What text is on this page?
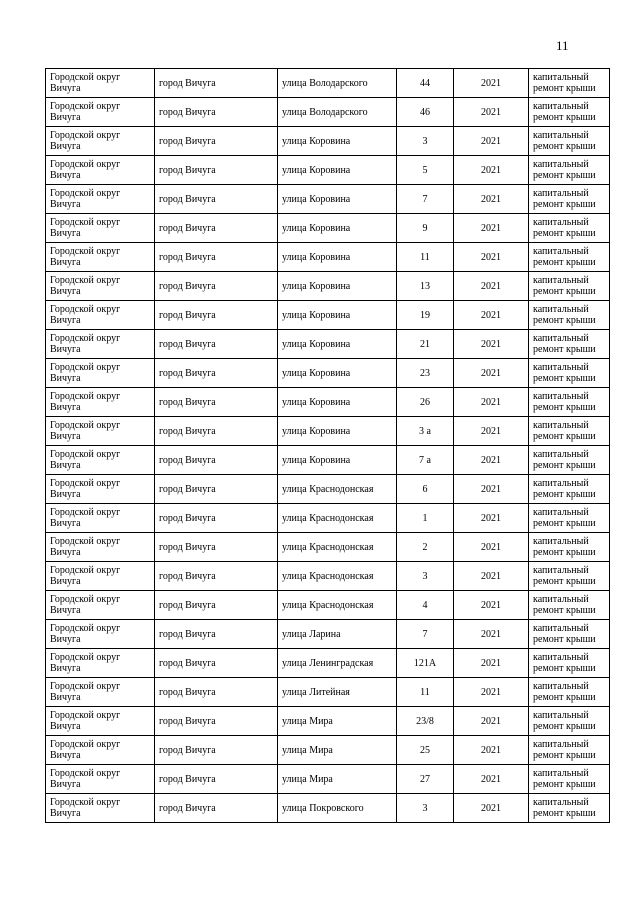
11
Городской округ Вичуга	город Вичуга	улица Володарского	44	2021	капитальный ремонт крыши
Городской округ Вичуга	город Вичуга	улица Володарского	46	2021	капитальный ремонт крыши
Городской округ Вичуга	город Вичуга	улица Коровина	3	2021	капитальный ремонт крыши
Городской округ Вичуга	город Вичуга	улица Коровина	5	2021	капитальный ремонт крыши
Городской округ Вичуга	город Вичуга	улица Коровина	7	2021	капитальный ремонт крыши
Городской округ Вичуга	город Вичуга	улица Коровина	9	2021	капитальный ремонт крыши
Городской округ Вичуга	город Вичуга	улица Коровина	11	2021	капитальный ремонт крыши
Городской округ Вичуга	город Вичуга	улица Коровина	13	2021	капитальный ремонт крыши
Городской округ Вичуга	город Вичуга	улица Коровина	19	2021	капитальный ремонт крыши
Городской округ Вичуга	город Вичуга	улица Коровина	21	2021	капитальный ремонт крыши
Городской округ Вичуга	город Вичуга	улица Коровина	23	2021	капитальный ремонт крыши
Городской округ Вичуга	город Вичуга	улица Коровина	26	2021	капитальный ремонт крыши
Городской округ Вичуга	город Вичуга	улица Коровина	3 а	2021	капитальный ремонт крыши
Городской округ Вичуга	город Вичуга	улица Коровина	7 а	2021	капитальный ремонт крыши
Городской округ Вичуга	город Вичуга	улица Краснодонская	6	2021	капитальный ремонт крыши
Городской округ Вичуга	город Вичуга	улица Краснодонская	1	2021	капитальный ремонт крыши
Городской округ Вичуга	город Вичуга	улица Краснодонская	2	2021	капитальный ремонт крыши
Городской округ Вичуга	город Вичуга	улица Краснодонская	3	2021	капитальный ремонт крыши
Городской округ Вичуга	город Вичуга	улица Краснодонская	4	2021	капитальный ремонт крыши
Городской округ Вичуга	город Вичуга	улица Ларина	7	2021	капитальный ремонт крыши
Городской округ Вичуга	город Вичуга	улица Ленинградская	121А	2021	капитальный ремонт крыши
Городской округ Вичуга	город Вичуга	улица Литейная	11	2021	капитальный ремонт крыши
Городской округ Вичуга	город Вичуга	улица Мира	23/8	2021	капитальный ремонт крыши
Городской округ Вичуга	город Вичуга	улица Мира	25	2021	капитальный ремонт крыши
Городской округ Вичуга	город Вичуга	улица Мира	27	2021	капитальный ремонт крыши
Городской округ Вичуга	город Вичуга	улица Покровского	3	2021	капитальный ремонт крыши
